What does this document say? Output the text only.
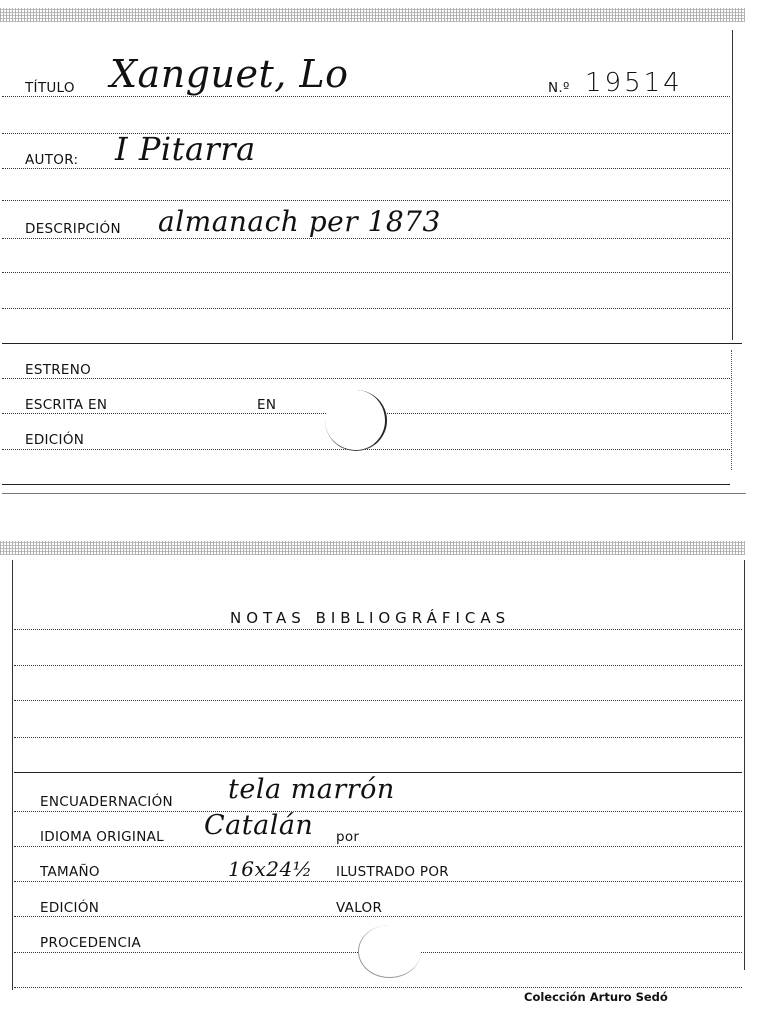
TÍTULO Xanguet, Lo	N.º 19514
AUTOR: I Pitarra
DESCRIPCIÓN almanach per 1873
ESTRENO
ESCRITA EN	EN
EDICIÓN
NOTAS BIBLIOGRÁFICAS
ENCUADERNACIÓN tela marrón
IDIOMA ORIGINAL Catalán por
TAMAÑO	16x24½ ILUSTRADO POR
EDICIÓN	VALOR
PROCEDENCIA
Colección Arturo Sedó
